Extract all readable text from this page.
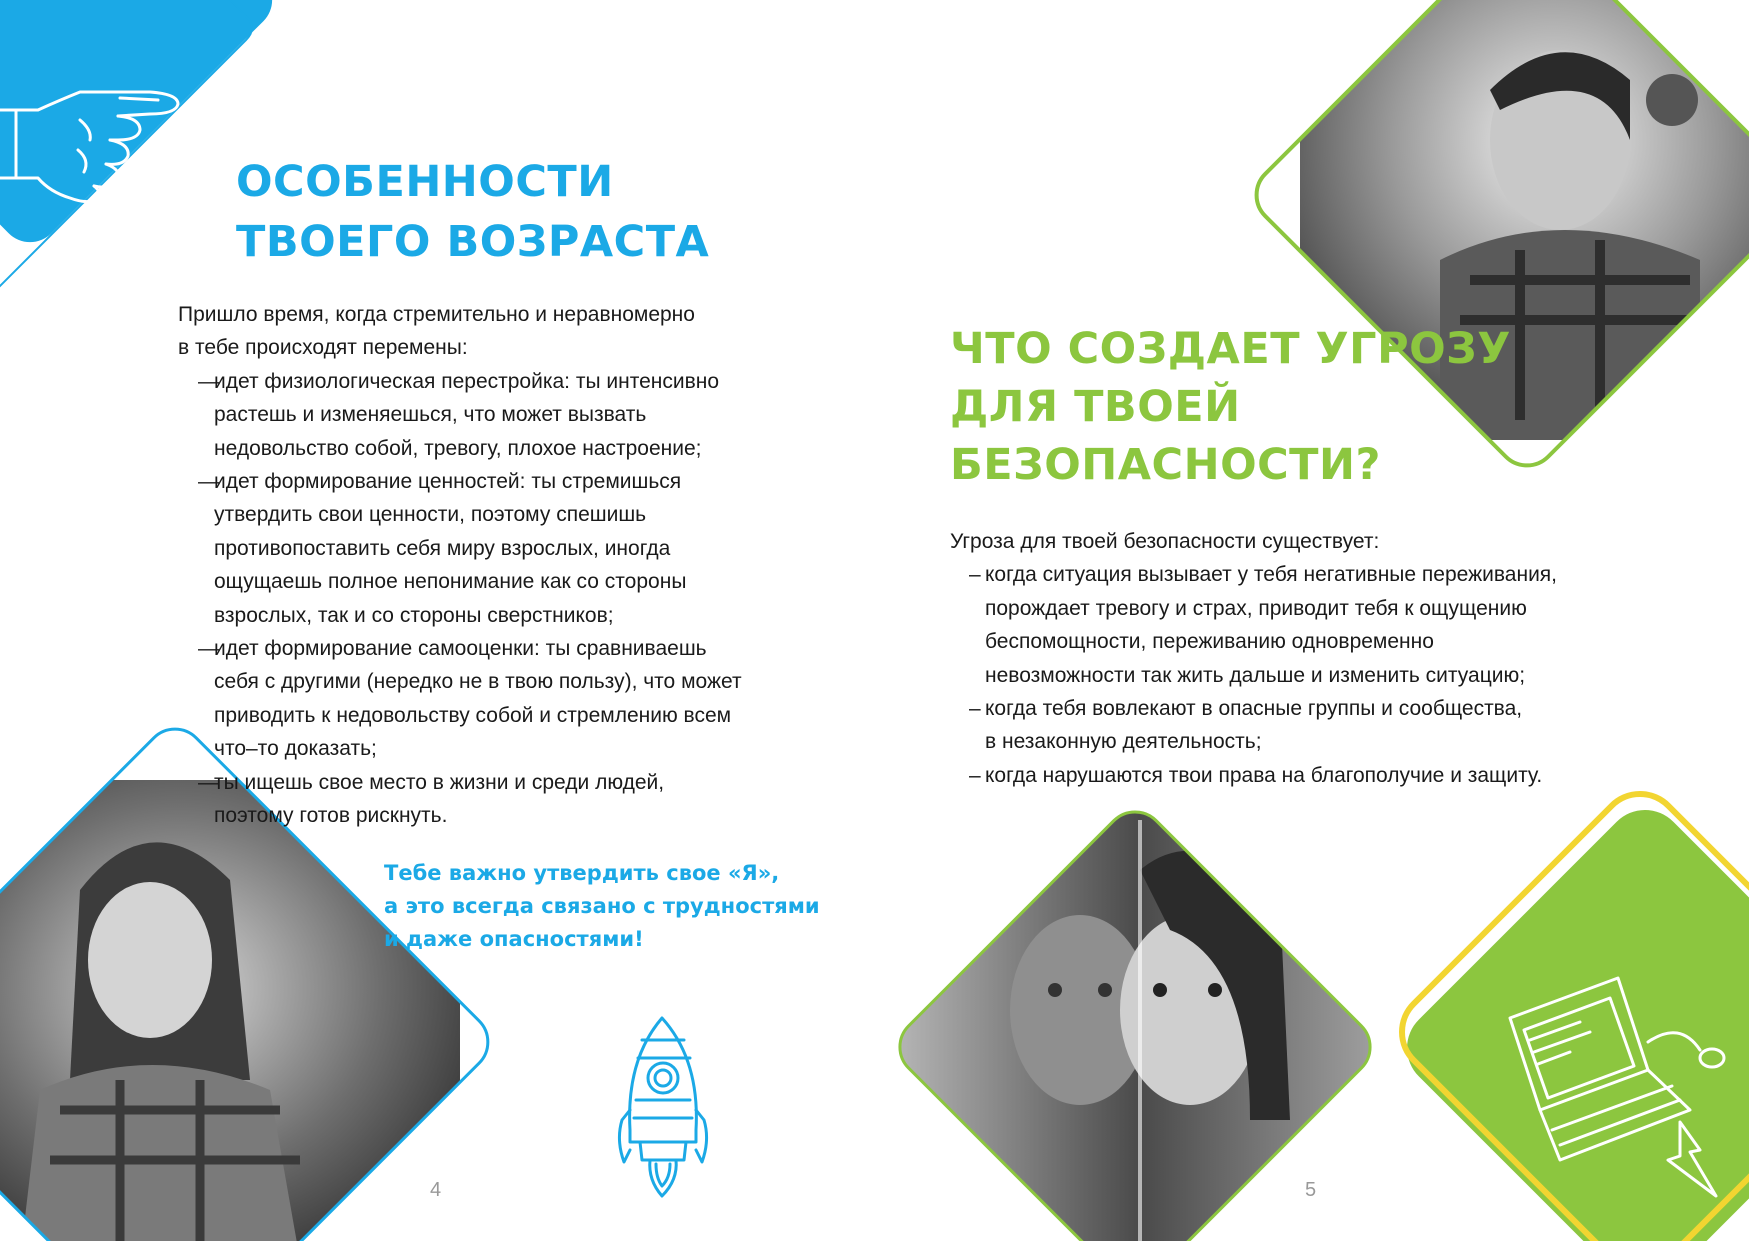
ОСОБЕННОСТИ
ТВОЕГО ВОЗРАСТА

Пришло время, когда стремительно и неравномерно

в тебе происходят перемены:

—
идет физиологическая перестройка: ты интенсивно
растешь и изменяешься, что может вызвать
недовольство собой, тревогу, плохое настроение;
—
идет формирование ценностей: ты стремишься
утвердить свои ценности, поэтому спешишь
противопоставить себя миру взрослых, иногда
ощущаешь полное непонимание как со стороны
взрослых, так и со стороны сверстников;
—
идет формирование самооценки: ты сравниваешь
себя с другими (нередко не в твою пользу), что может
приводить к недовольству собой и стремлению всем
что–то доказать;
—
ты ищешь свое место в жизни и среди людей,
поэтому готов рискнуть.
Тебе важно утвердить свое «Я»,
а это всегда связано с трудностями
и даже опасностями!
4
ЧТО СОЗДАЕТ УГРОЗУ
ДЛЯ ТВОЕЙ
БЕЗОПАСНОСТИ?

Угроза для твоей безопасности существует:

– когда ситуация вызывает у тебя негативные переживания,
порождает тревогу и страх, приводит тебя к ощущению
беспомощности, переживанию одновременно
невозможности так жить дальше и изменить ситуацию;
– когда тебя вовлекают в опасные группы и сообщества,
в незаконную деятельность;
– когда нарушаются твои права на благополучие и защиту.
5
